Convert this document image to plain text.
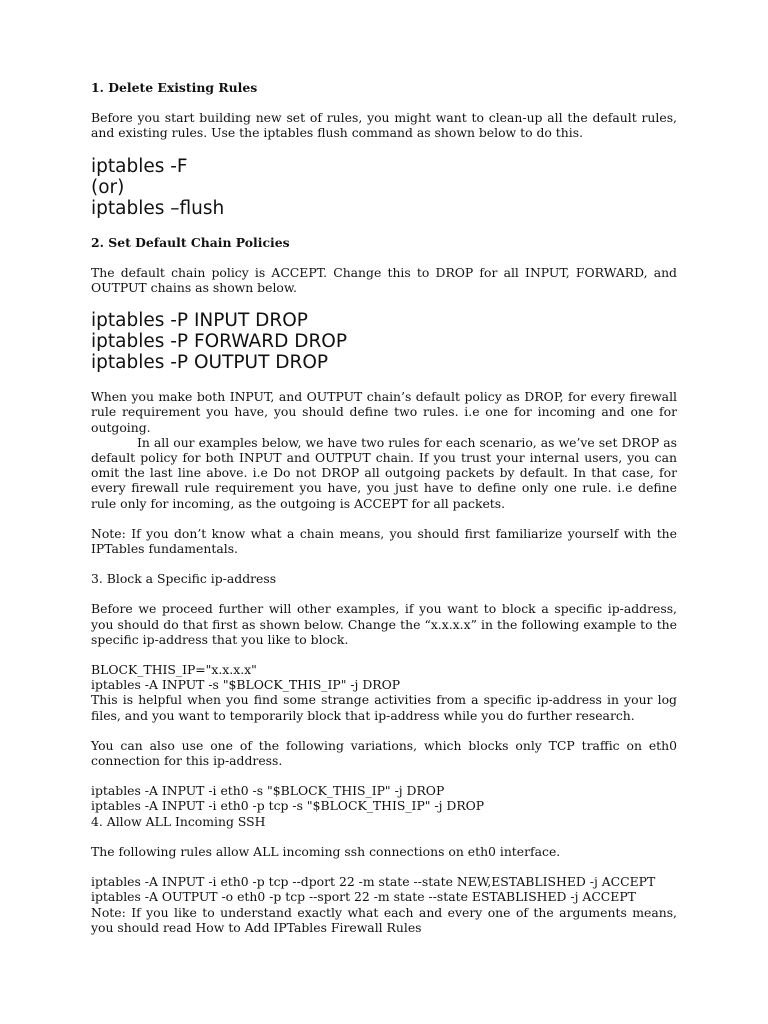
1. Delete Existing Rules

Before you start building new set of rules, you might want to clean-up all the default rules, and existing rules. Use the iptables flush command as shown below to do this.

iptables -F

(or)

iptables –flush

2. Set Default Chain Policies

The default chain policy is ACCEPT. Change this to DROP for all INPUT, FORWARD, and OUTPUT chains as shown below.

iptables -P INPUT DROP

iptables -P FORWARD DROP

iptables -P OUTPUT DROP

When you make both INPUT, and OUTPUT chain’s default policy as DROP, for every firewall rule requirement you have, you should define two rules. i.e one for incoming and one for outgoing.

In all our examples below, we have two rules for each scenario, as we’ve set DROP as default policy for both INPUT and OUTPUT chain. If you trust your internal users, you can omit the last line above. i.e Do not DROP all outgoing packets by default. In that case, for every firewall rule requirement you have, you just have to define only one rule. i.e define rule only for incoming, as the outgoing is ACCEPT for all packets.

Note: If you don’t know what a chain means, you should first familiarize yourself with the IPTables fundamentals.

3. Block a Specific ip-address

Before we proceed further will other examples, if you want to block a specific ip-address, you should do that first as shown below. Change the “x.x.x.x” in the following example to the specific ip-address that you like to block.

BLOCK_THIS_IP="x.x.x.x"

iptables -A INPUT -s "$BLOCK_THIS_IP" -j DROP

This is helpful when you find some strange activities from a specific ip-address in your log files, and you want to temporarily block that ip-address while you do further research.

You can also use one of the following variations, which blocks only TCP traffic on eth0 connection for this ip-address.

iptables -A INPUT -i eth0 -s "$BLOCK_THIS_IP" -j DROP

iptables -A INPUT -i eth0 -p tcp -s "$BLOCK_THIS_IP" -j DROP

4. Allow ALL Incoming SSH

The following rules allow ALL incoming ssh connections on eth0 interface.

iptables -A INPUT -i eth0 -p tcp --dport 22 -m state --state NEW,ESTABLISHED -j ACCEPT

iptables -A OUTPUT -o eth0 -p tcp --sport 22 -m state --state ESTABLISHED -j ACCEPT

Note: If you like to understand exactly what each and every one of the arguments means, you should read How to Add IPTables Firewall Rules
